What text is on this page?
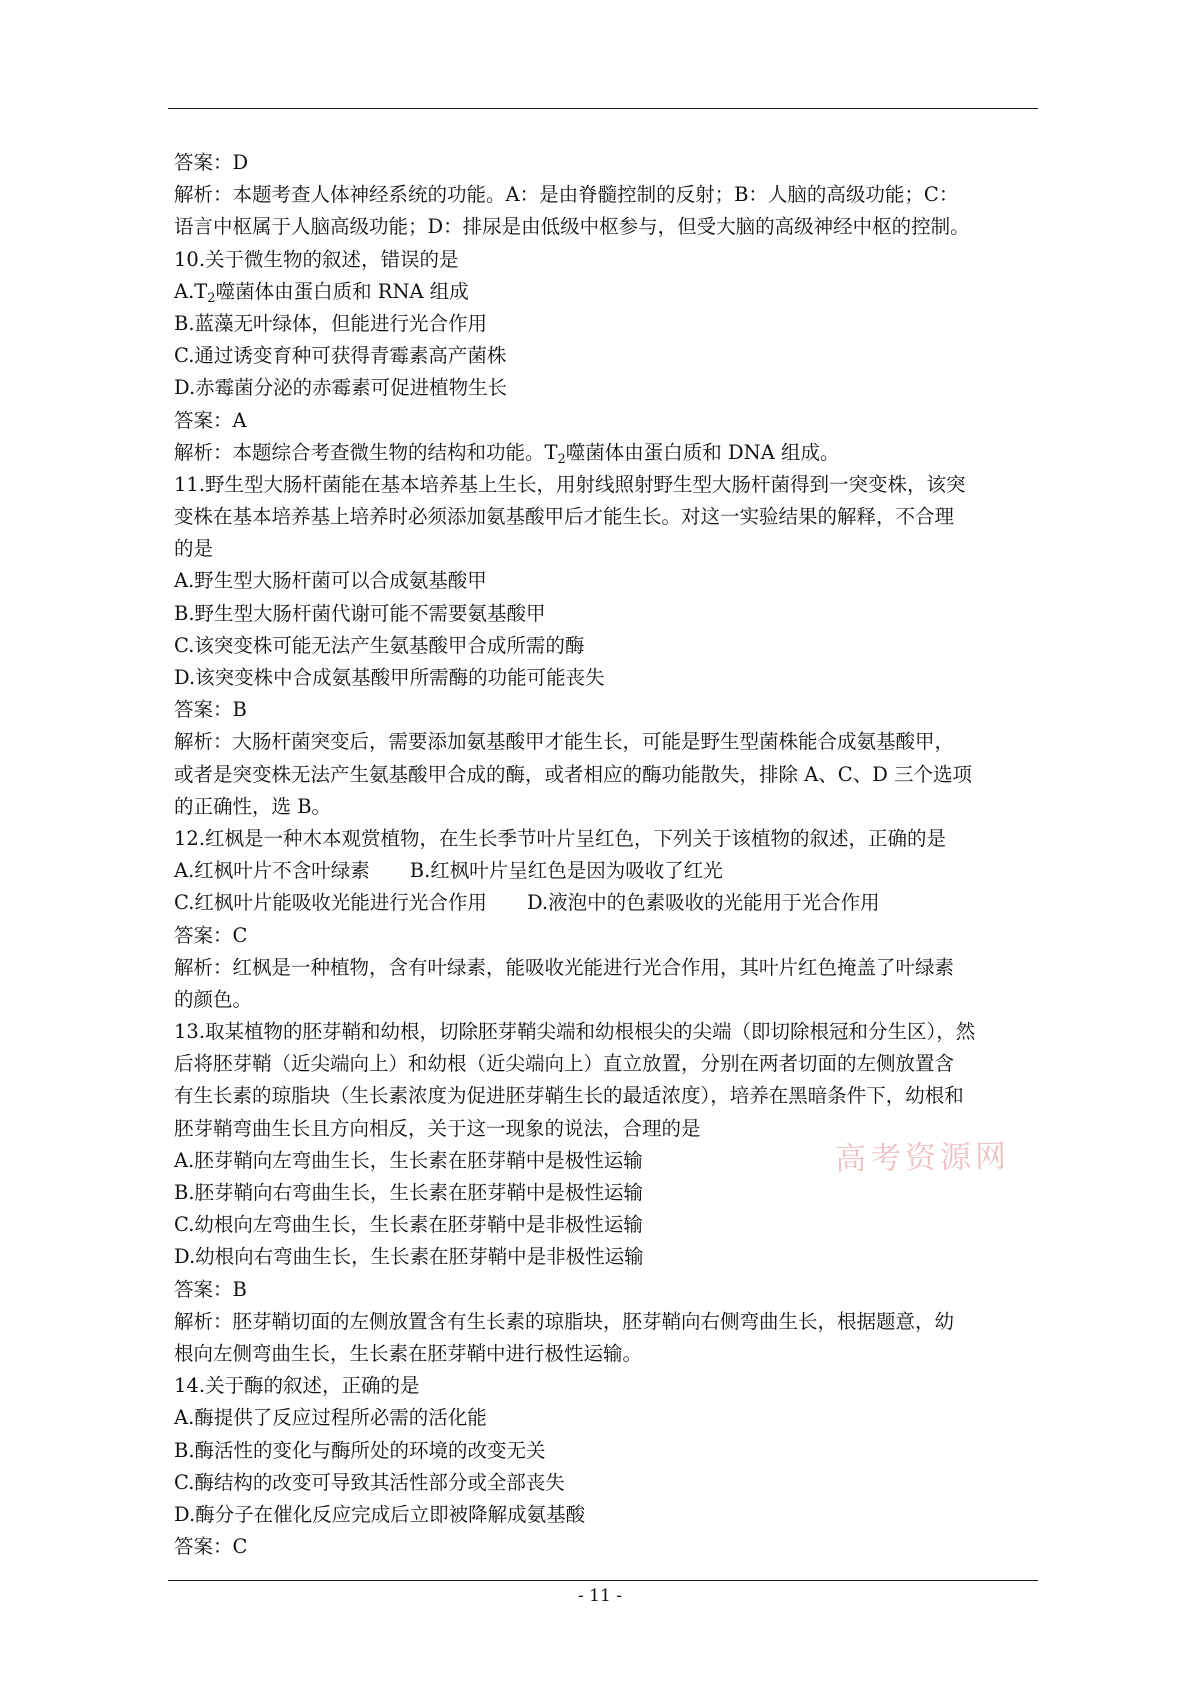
答案：D
解析：本题考查人体神经系统的功能。A：是由脊髓控制的反射；B：人脑的高级功能；C：
语言中枢属于人脑高级功能；D：排尿是由低级中枢参与，但受大脑的高级神经中枢的控制。
10.关于微生物的叙述，错误的是
$A.T_2$噬菌体由蛋白质和 RNA 组成
B.蓝藻无叶绿体，但能进行光合作用
C.通过诱变育种可获得青霉素高产菌株
D.赤霉菌分泌的赤霉素可促进植物生长
答案：A
解析：本题综合考查微生物的结构和功能。$T_2$噬菌体由蛋白质和 DNA 组成。
11.野生型大肠杆菌能在基本培养基上生长，用射线照射野生型大肠杆菌得到一突变株，该突
变株在基本培养基上培养时必须添加氨基酸甲后才能生长。对这一实验结果的解释，不合理
的是
A.野生型大肠杆菌可以合成氨基酸甲
B.野生型大肠杆菌代谢可能不需要氨基酸甲
C.该突变株可能无法产生氨基酸甲合成所需的酶
D.该突变株中合成氨基酸甲所需酶的功能可能丧失
答案：B
解析：大肠杆菌突变后，需要添加氨基酸甲才能生长，可能是野生型菌株能合成氨基酸甲，
或者是突变株无法产生氨基酸甲合成的酶，或者相应的酶功能散失，排除 A、C、D 三个选项
的正确性，选 B。
12.红枫是一种木本观赏植物，在生长季节叶片呈红色，下列关于该植物的叙述，正确的是
A.红枫叶片不含叶绿素 B.红枫叶片呈红色是因为吸收了红光
C.红枫叶片能吸收光能进行光合作用 D.液泡中的色素吸收的光能用于光合作用
答案：C
解析：红枫是一种植物，含有叶绿素，能吸收光能进行光合作用，其叶片红色掩盖了叶绿素
的颜色。
13.取某植物的胚芽鞘和幼根，切除胚芽鞘尖端和幼根根尖的尖端（即切除根冠和分生区），然
后将胚芽鞘（近尖端向上）和幼根（近尖端向上）直立放置，分别在两者切面的左侧放置含
有生长素的琼脂块（生长素浓度为促进胚芽鞘生长的最适浓度），培养在黑暗条件下，幼根和
胚芽鞘弯曲生长且方向相反，关于这一现象的说法，合理的是
A.胚芽鞘向左弯曲生长，生长素在胚芽鞘中是极性运输
B.胚芽鞘向右弯曲生长，生长素在胚芽鞘中是极性运输
C.幼根向左弯曲生长，生长素在胚芽鞘中是非极性运输
D.幼根向右弯曲生长，生长素在胚芽鞘中是非极性运输
答案：B
解析：胚芽鞘切面的左侧放置含有生长素的琼脂块，胚芽鞘向右侧弯曲生长，根据题意，幼
根向左侧弯曲生长，生长素在胚芽鞘中进行极性运输。
14.关于酶的叙述，正确的是
A.酶提供了反应过程所必需的活化能
B.酶活性的变化与酶所处的环境的改变无关
C.酶结构的改变可导致其活性部分或全部丧失
D.酶分子在催化反应完成后立即被降解成氨基酸
答案：C
高考资源网
- 11 -
